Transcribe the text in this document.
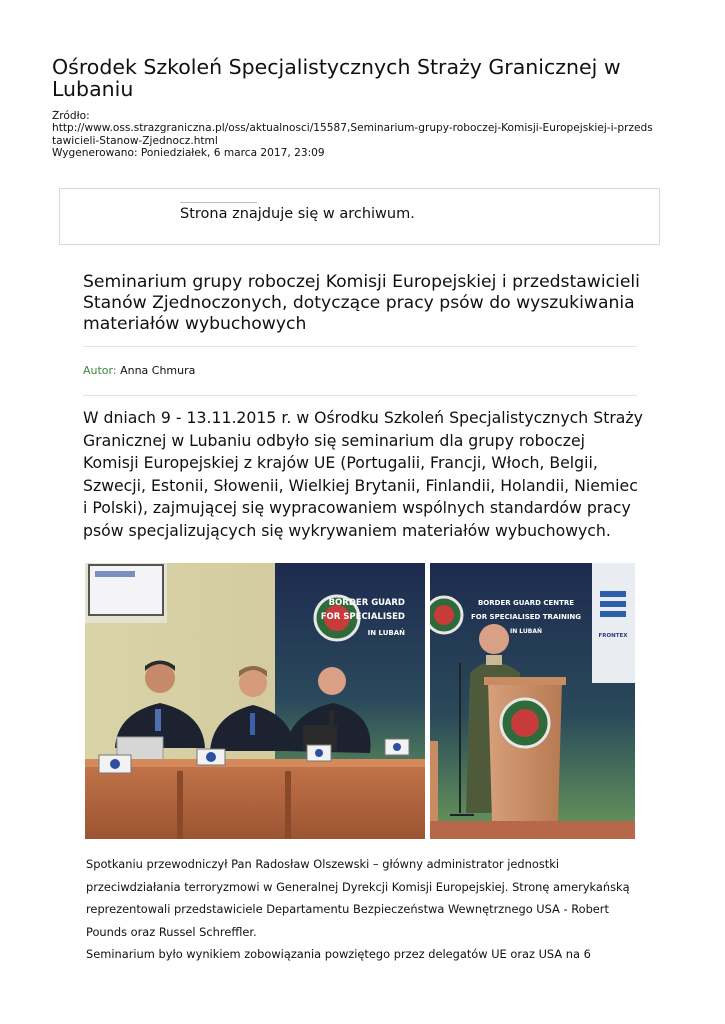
Ośrodek Szkoleń Specjalistycznych Straży Granicznej w Lubaniu
Źródło:
http://www.oss.strazgraniczna.pl/oss/aktualnosci/15587,Seminarium-grupy-roboczej-Komisji-Europejskiej-i-przeds
tawicieli-Stanow-Zjednocz.html
Wygenerowano: Poniedziałek, 6 marca 2017, 23:09
Strona znajduje się w archiwum.
Seminarium grupy roboczej Komisji Europejskiej i przedstawicieli Stanów Zjednoczonych, dotyczące pracy psów do wyszukiwania materiałów wybuchowych
Autor: Anna Chmura
W dniach 9 - 13.11.2015 r. w Ośrodku Szkoleń Specjalistycznych Straży Granicznej w Lubaniu odbyło się seminarium dla grupy roboczej Komisji Europejskiej z krajów UE (Portugalii, Francji, Włoch, Belgii, Szwecji, Estonii, Słowenii, Wielkiej Brytanii, Finlandii, Holandii, Niemiec i Polski), zajmującej się wypracowaniem wspólnych standardów pracy psów specjalizujących się wykrywaniem materiałów wybuchowych.
BORDER GUARD
FOR SPECIALISED
IN LUBAŃ	FRONTEX
BORDER GUARD CENTRE
FOR SPECIALISED TRAINING
IN LUBAŃ

Spotkaniu przewodniczył Pan Radosław Olszewski – główny administrator jednostki przeciwdziałania terroryzmowi w Generalnej Dyrekcji Komisji Europejskiej. Stronę amerykańską reprezentowali przedstawiciele Departamentu Bezpieczeństwa Wewnętrznego USA - Robert Pounds oraz Russel Schreffler.

Seminarium było wynikiem zobowiązania powziętego przez delegatów UE oraz USA na 6
